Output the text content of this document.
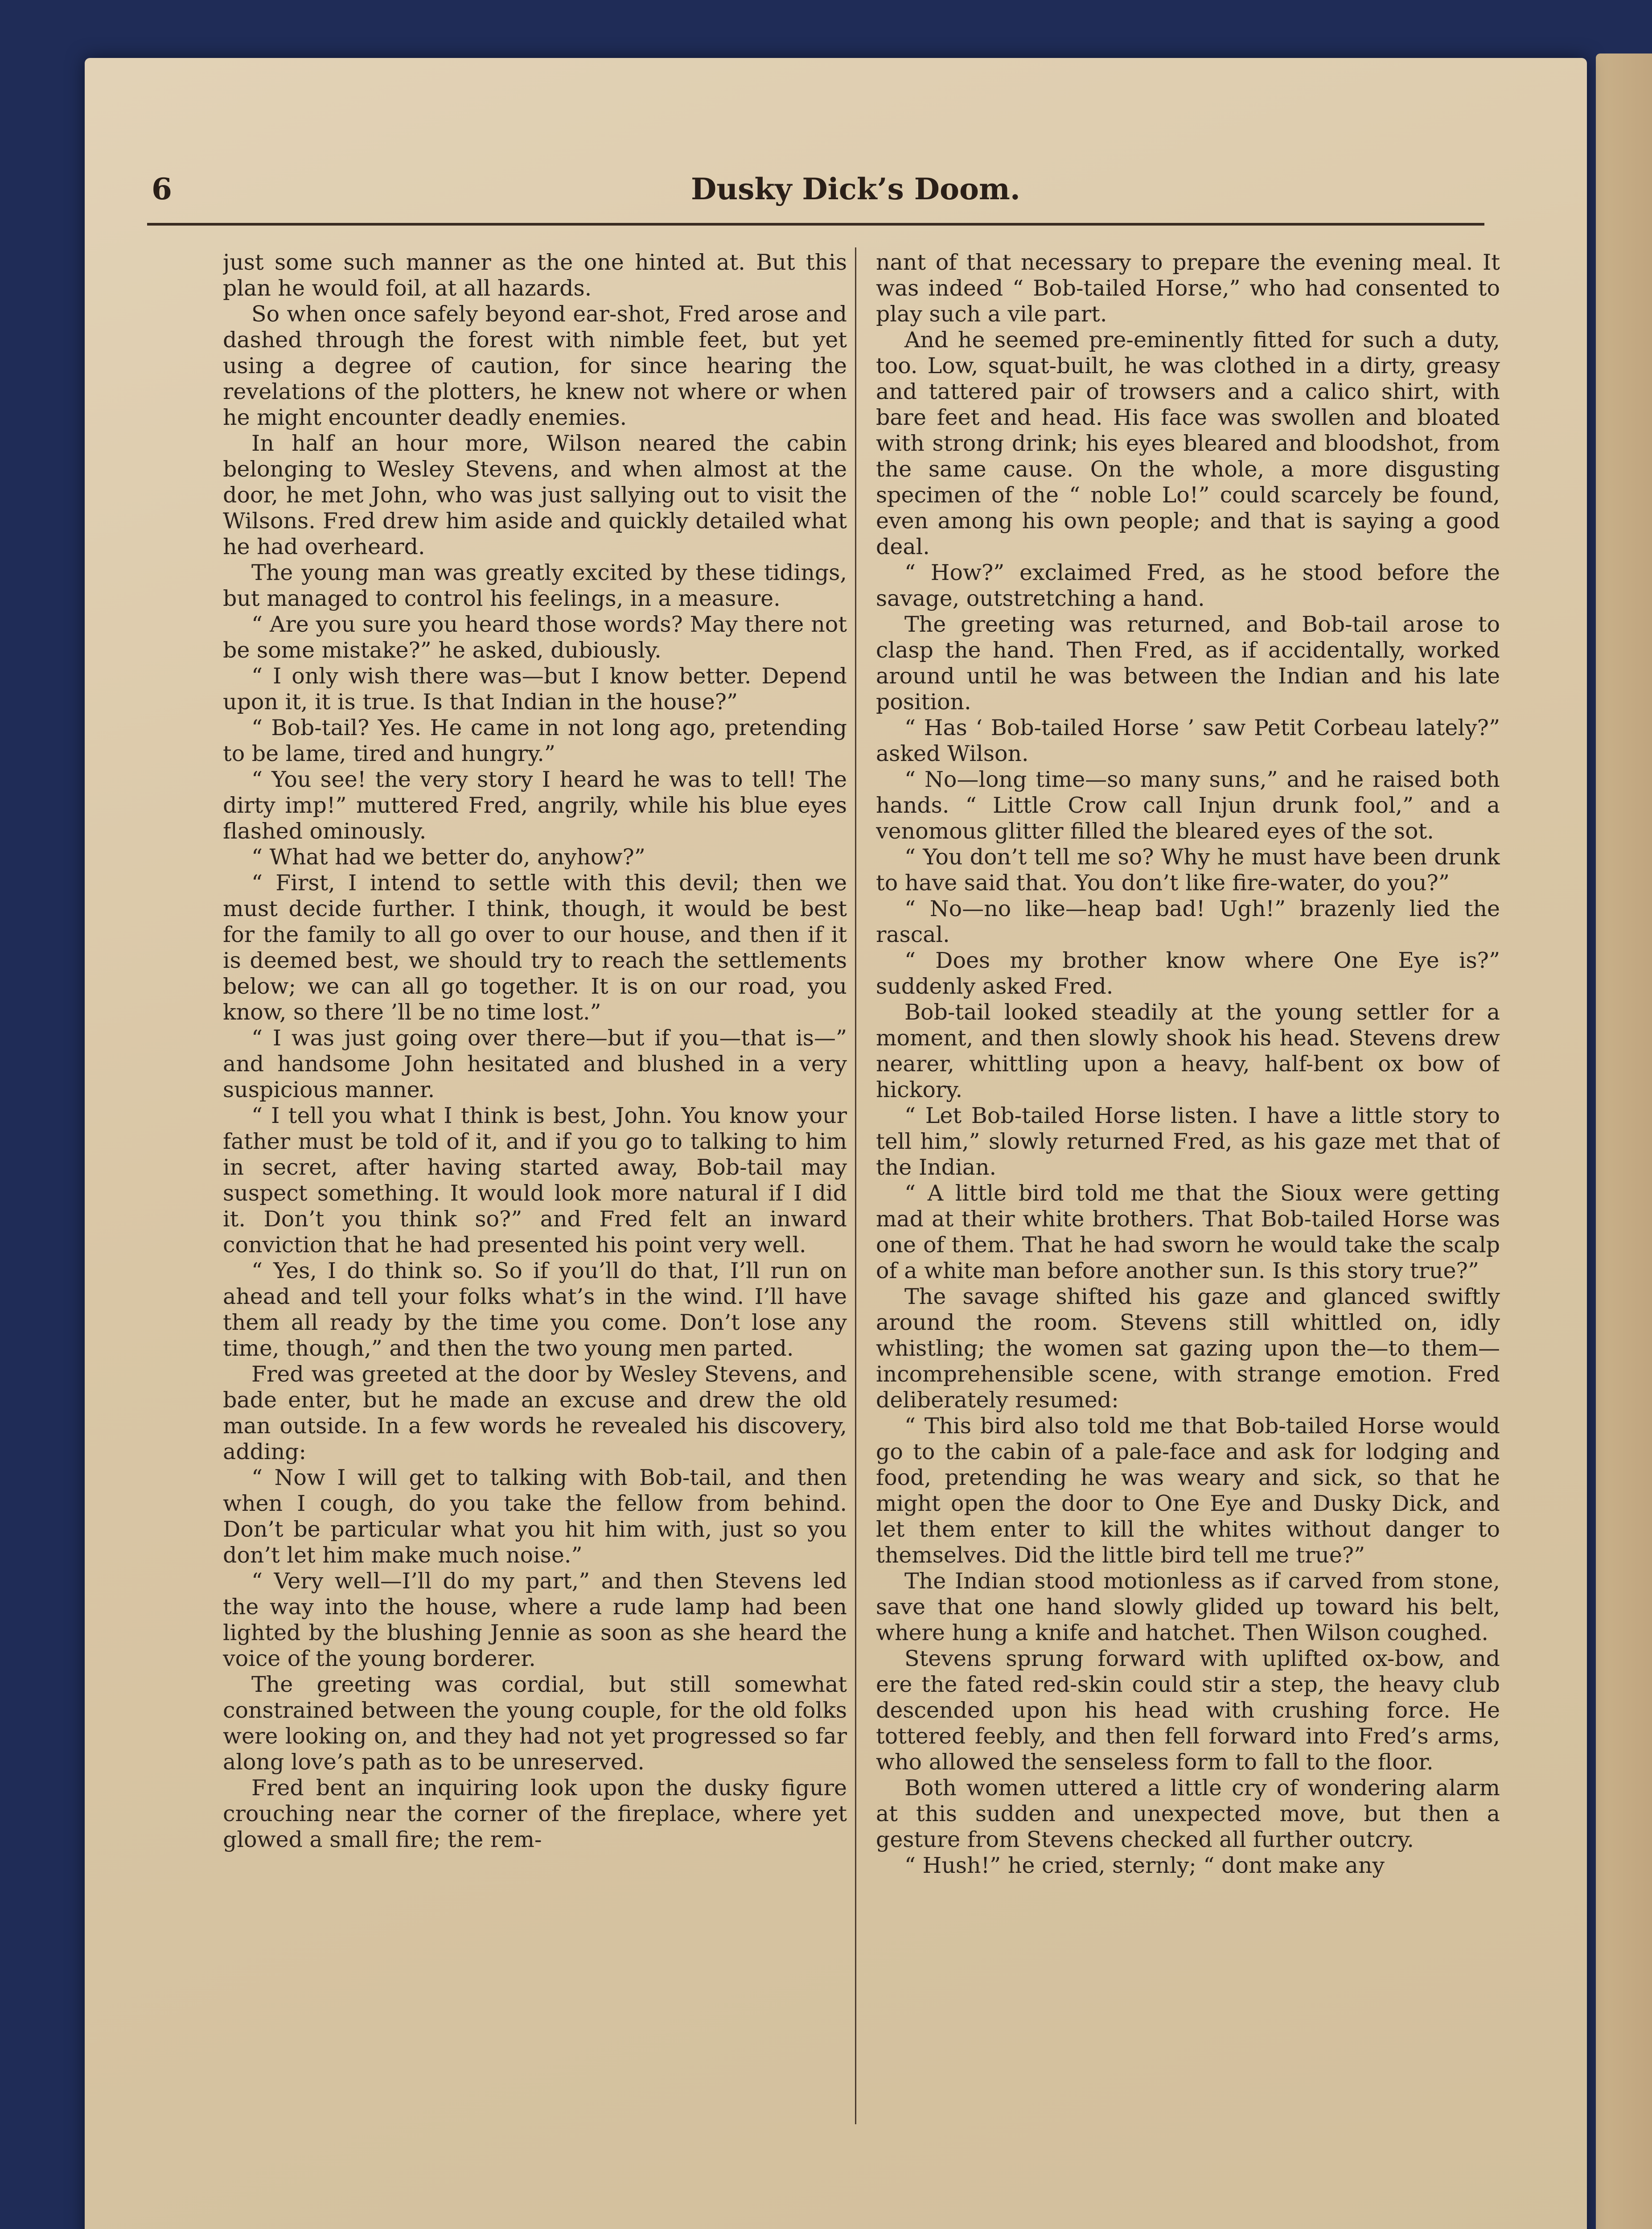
6	Dusky Dick’s Doom.

just some such manner as the one hinted at. But this plan he would foil, at all hazards.

So when once safely beyond ear-shot, Fred arose and dashed through the forest with nimble feet, but yet using a degree of caution, for since hearing the revelations of the plotters, he knew not where or when he might encounter deadly enemies.

In half an hour more, Wilson neared the cabin belonging to Wesley Stevens, and when almost at the door, he met John, who was just sallying out to visit the Wilsons. Fred drew him aside and quickly detailed what he had overheard.

The young man was greatly excited by these tidings, but managed to control his feelings, in a measure.

“ Are you sure you heard those words? May there not be some mistake?” he asked, dubiously.

“ I only wish there was—but I know better. Depend upon it, it is true. Is that Indian in the house?”

“ Bob-tail? Yes. He came in not long ago, pretending to be lame, tired and hungry.”

“ You see! the very story I heard he was to tell! The dirty imp!” muttered Fred, angrily, while his blue eyes flashed ominously.

“ What had we better do, anyhow?”

“ First, I intend to settle with this devil; then we must decide further. I think, though, it would be best for the family to all go over to our house, and then if it is deemed best, we should try to reach the settlements below; we can all go together. It is on our road, you know, so there ’ll be no time lost.”

“ I was just going over there—but if you—that is—” and handsome John hesitated and blushed in a very suspicious manner.

“ I tell you what I think is best, John. You know your father must be told of it, and if you go to talking to him in secret, after having started away, Bob-tail may suspect something. It would look more natural if I did it. Don’t you think so?” and Fred felt an inward conviction that he had presented his point very well.

“ Yes, I do think so. So if you’ll do that, I’ll run on ahead and tell your folks what’s in the wind. I’ll have them all ready by the time you come. Don’t lose any time, though,” and then the two young men parted.

Fred was greeted at the door by Wesley Stevens, and bade enter, but he made an excuse and drew the old man outside. In a few words he revealed his discovery, adding:

“ Now I will get to talking with Bob-tail, and then when I cough, do you take the fellow from behind. Don’t be particular what you hit him with, just so you don’t let him make much noise.”

“ Very well—I’ll do my part,” and then Stevens led the way into the house, where a rude lamp had been lighted by the blushing Jennie as soon as she heard the voice of the young borderer.

The greeting was cordial, but still somewhat constrained between the young couple, for the old folks were looking on, and they had not yet progressed so far along love’s path as to be unreserved.

Fred bent an inquiring look upon the dusky figure crouching near the corner of the fireplace, where yet glowed a small fire; the rem-

nant of that necessary to prepare the evening meal. It was indeed “ Bob-tailed Horse,” who had consented to play such a vile part.

And he seemed pre-eminently fitted for such a duty, too. Low, squat-built, he was clothed in a dirty, greasy and tattered pair of trowsers and a calico shirt, with bare feet and head. His face was swollen and bloated with strong drink; his eyes bleared and bloodshot, from the same cause. On the whole, a more disgusting specimen of the “ noble Lo!” could scarcely be found, even among his own people; and that is saying a good deal.

“ How?” exclaimed Fred, as he stood before the savage, outstretching a hand.

The greeting was returned, and Bob-tail arose to clasp the hand. Then Fred, as if accidentally, worked around until he was between the Indian and his late position.

“ Has ‘ Bob-tailed Horse ’ saw Petit Corbeau lately?” asked Wilson.

“ No—long time—so many suns,” and he raised both hands. “ Little Crow call Injun drunk fool,” and a venomous glitter filled the bleared eyes of the sot.

“ You don’t tell me so? Why he must have been drunk to have said that. You don’t like fire-water, do you?”

“ No—no like—heap bad! Ugh!” brazenly lied the rascal.

“ Does my brother know where One Eye is?” suddenly asked Fred.

Bob-tail looked steadily at the young settler for a moment, and then slowly shook his head. Stevens drew nearer, whittling upon a heavy, half-bent ox bow of hickory.

“ Let Bob-tailed Horse listen. I have a little story to tell him,” slowly returned Fred, as his gaze met that of the Indian.

“ A little bird told me that the Sioux were getting mad at their white brothers. That Bob-tailed Horse was one of them. That he had sworn he would take the scalp of a white man before another sun. Is this story true?”

The savage shifted his gaze and glanced swiftly around the room. Stevens still whittled on, idly whistling; the women sat gazing upon the—to them—incomprehensible scene, with strange emotion. Fred deliberately resumed:

“ This bird also told me that Bob-tailed Horse would go to the cabin of a pale-face and ask for lodging and food, pretending he was weary and sick, so that he might open the door to One Eye and Dusky Dick, and let them enter to kill the whites without danger to themselves. Did the little bird tell me true?”

The Indian stood motionless as if carved from stone, save that one hand slowly glided up toward his belt, where hung a knife and hatchet. Then Wilson coughed.

Stevens sprung forward with uplifted ox-bow, and ere the fated red-skin could stir a step, the heavy club descended upon his head with crushing force. He tottered feebly, and then fell forward into Fred’s arms, who allowed the senseless form to fall to the floor.

Both women uttered a little cry of wondering alarm at this sudden and unexpected move, but then a gesture from Stevens checked all further outcry.

“ Hush!” he cried, sternly; “ dont make any
